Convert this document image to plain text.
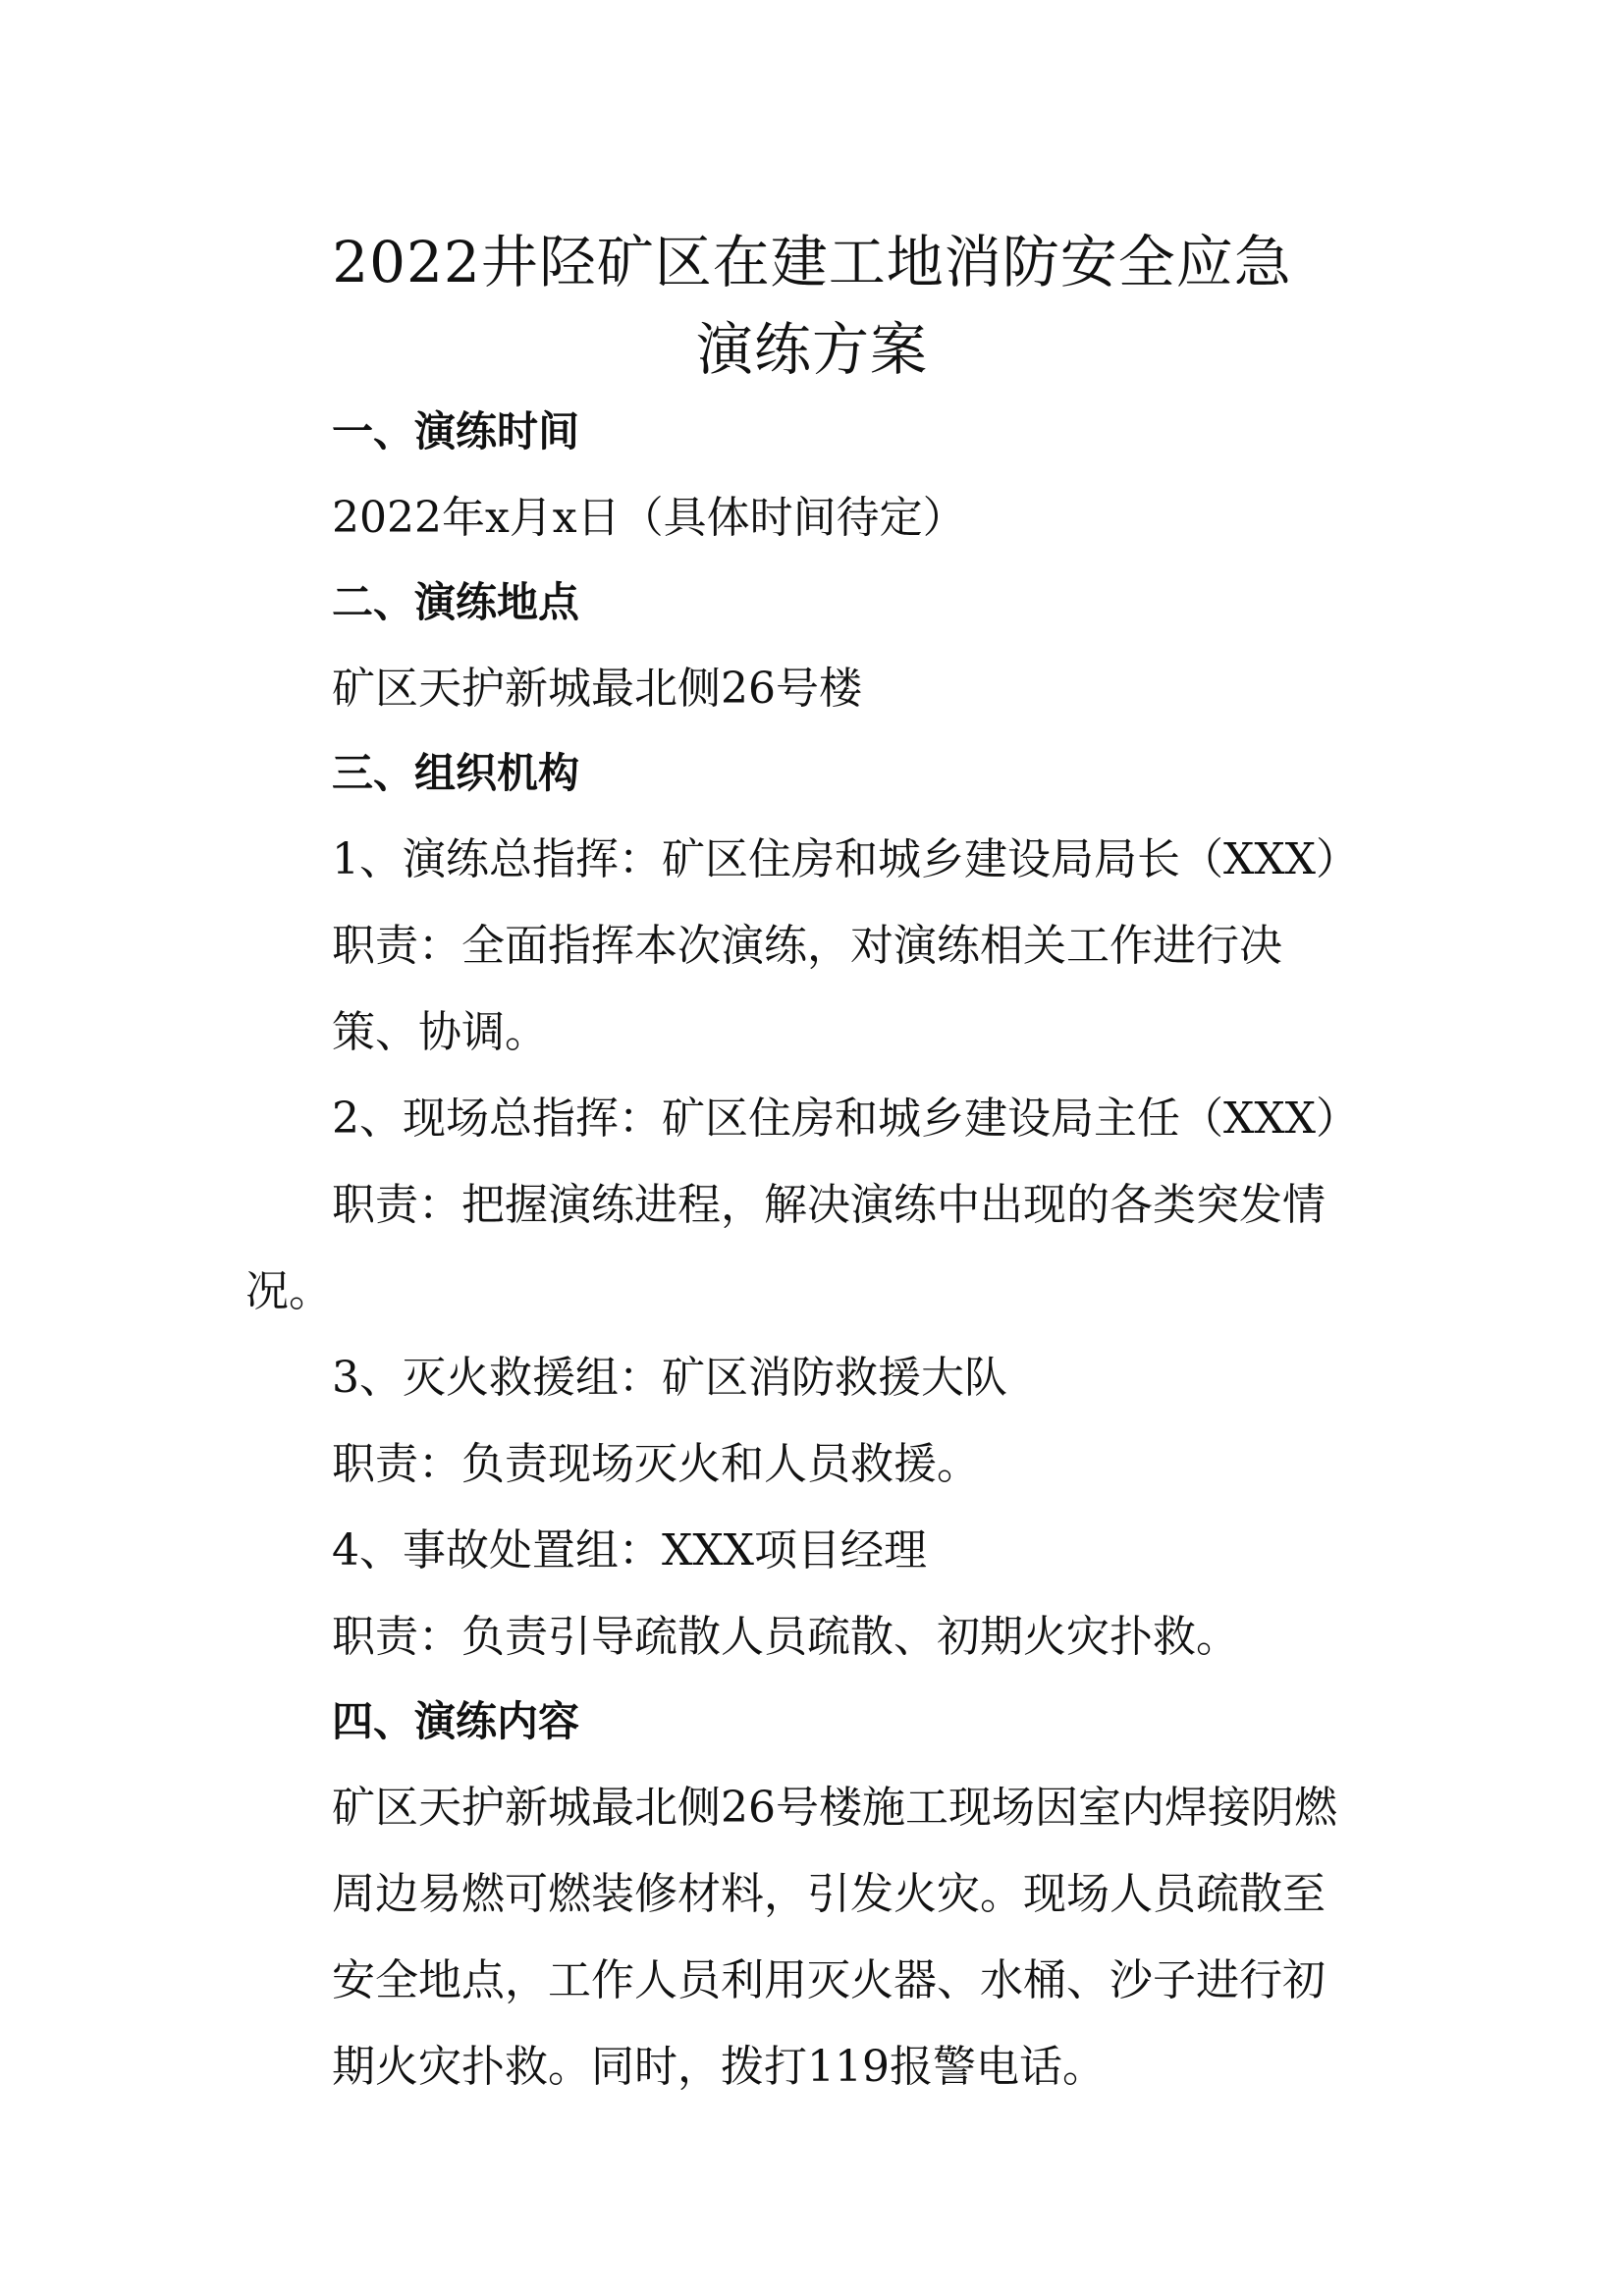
2022井陉矿区在建工地消防安全应急
演练方案
一、演练时间
2022年x月x日（具体时间待定）
二、演练地点
矿区天护新城最北侧26号楼
三、组织机构
1、演练总指挥：矿区住房和城乡建设局局长（XXX）
职责：全面指挥本次演练，对演练相关工作进行决
策、协调。
2、现场总指挥：矿区住房和城乡建设局主任（XXX）
职责：把握演练进程，解决演练中出现的各类突发情
况。
3、灭火救援组：矿区消防救援大队
职责：负责现场灭火和人员救援。
4、事故处置组：XXX项目经理
职责：负责引导疏散人员疏散、初期火灾扑救。
四、演练内容
矿区天护新城最北侧26号楼施工现场因室内焊接阴燃
周边易燃可燃装修材料，引发火灾。现场人员疏散至
安全地点，工作人员利用灭火器、水桶、沙子进行初
期火灾扑救。同时，拨打119报警电话。
